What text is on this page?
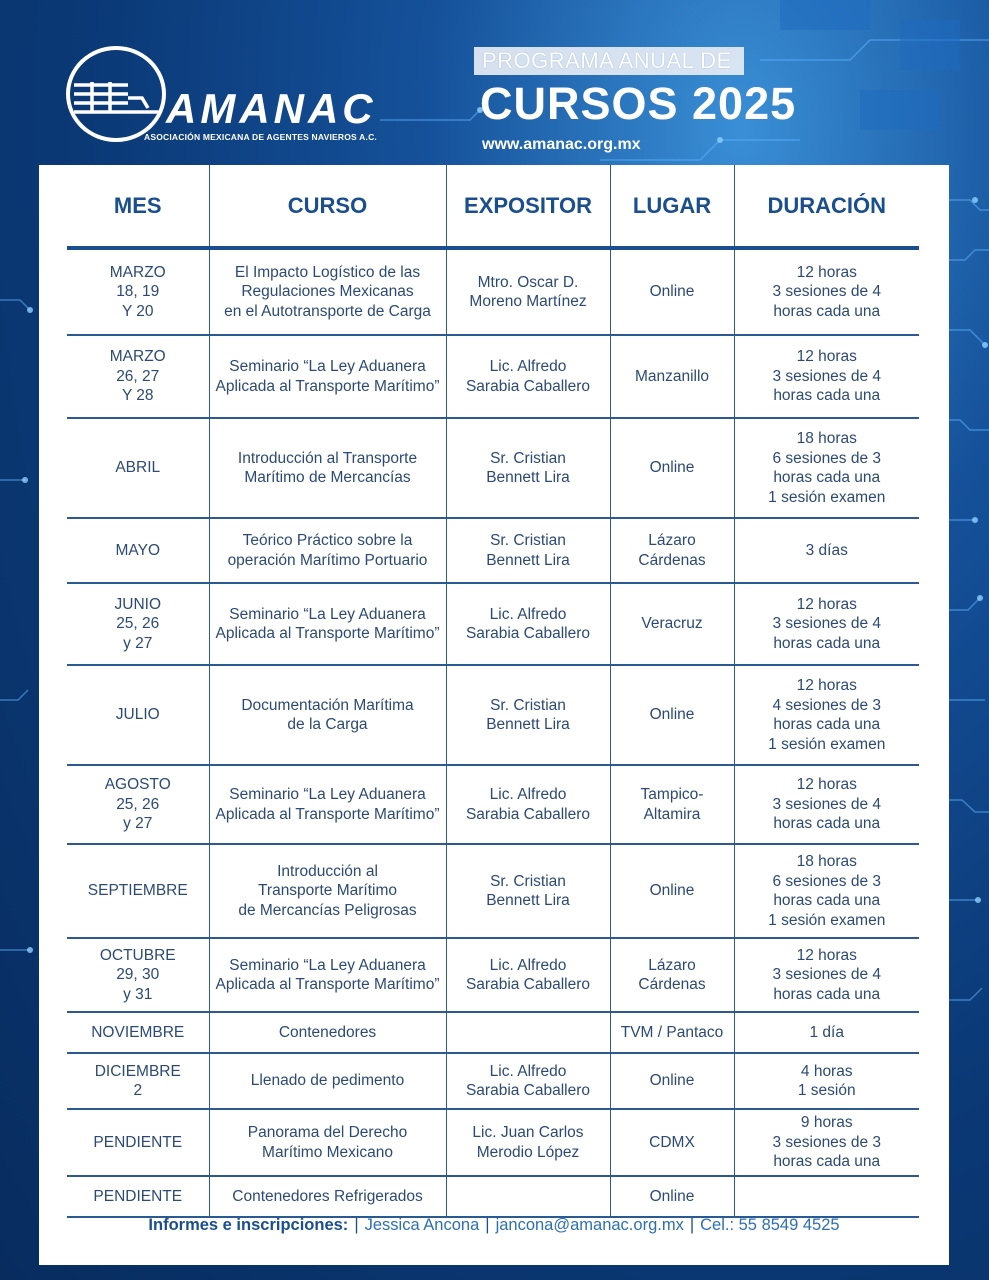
AMANAC
ASOCIACIÓN MEXICANA DE AGENTES NAVIEROS A.C.
PROGRAMA ANUAL DE
CURSOS 2025
www.amanac.org.mx
MES	CURSO	EXPOSITOR	LUGAR	DURACIÓN
MARZO
18, 19
Y 20	El Impacto Logístico de las
Regulaciones Mexicanas
en el Autotransporte de Carga	Mtro. Oscar D.
Moreno Martínez	Online	12 horas
3 sesiones de 4
horas cada una
MARZO
26, 27
Y 28	Seminario “La Ley Aduanera
Aplicada al Transporte Marítimo”	Lic. Alfredo
Sarabia Caballero	Manzanillo	12 horas
3 sesiones de 4
horas cada una
ABRIL	Introducción al Transporte
Marítimo de Mercancías	Sr. Cristian
Bennett Lira	Online	18 horas
6 sesiones de 3
horas cada una
1 sesión examen
MAYO	Teórico Práctico sobre la
operación Marítimo Portuario	Sr. Cristian
Bennett Lira	Lázaro
Cárdenas	3 días
JUNIO
25, 26
y 27	Seminario “La Ley Aduanera
Aplicada al Transporte Marítimo”	Lic. Alfredo
Sarabia Caballero	Veracruz	12 horas
3 sesiones de 4
horas cada una
JULIO	Documentación Marítima
de la Carga	Sr. Cristian
Bennett Lira	Online	12 horas
4 sesiones de 3
horas cada una
1 sesión examen
AGOSTO
25, 26
y 27	Seminario “La Ley Aduanera
Aplicada al Transporte Marítimo”	Lic. Alfredo
Sarabia Caballero	Tampico-
Altamira	12 horas
3 sesiones de 4
horas cada una
SEPTIEMBRE	Introducción al
Transporte Marítimo
de Mercancías Peligrosas	Sr. Cristian
Bennett Lira	Online	18 horas
6 sesiones de 3
horas cada una
1 sesión examen
OCTUBRE
29, 30
y 31	Seminario “La Ley Aduanera
Aplicada al Transporte Marítimo”	Lic. Alfredo
Sarabia Caballero	Lázaro
Cárdenas	12 horas
3 sesiones de 4
horas cada una
NOVIEMBRE	Contenedores		TVM / Pantaco	1 día
DICIEMBRE
2	Llenado de pedimento	Lic. Alfredo
Sarabia Caballero	Online	4 horas
1 sesión
PENDIENTE	Panorama del Derecho
Marítimo Mexicano	Lic. Juan Carlos
Merodio López	CDMX	9 horas
3 sesiones de 3
horas cada una
PENDIENTE	Contenedores Refrigerados		Online	
Informes e inscripciones: | Jessica Ancona | jancona@amanac.org.mx | Cel.: 55 8549 4525
